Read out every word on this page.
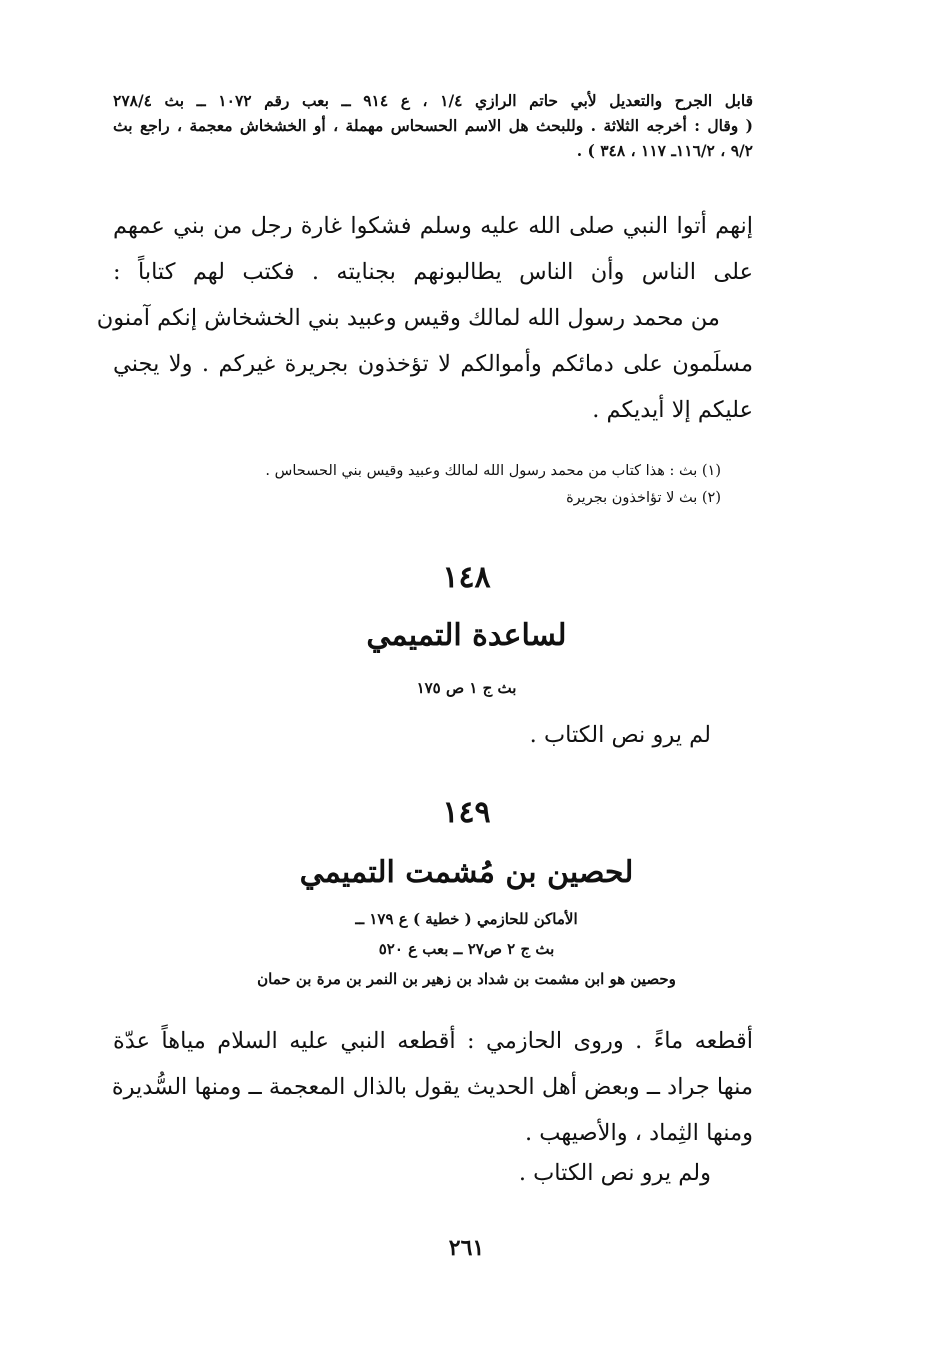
قابل الجرح والتعديل لأبي حاتم الرازي ١/٤ ، ع ٩١٤ ــ بعب رقم ١٠٧٢ ــ بث ٢٧٨/٤
( وقال : أخرجه الثلاثة . وللبحث هل الاسم الحسحاس مهملة ، أو الخشخاش معجمة ، راجع بث
٩/٢ ، ١١٦/٢ـ ١١٧ ، ٣٤٨ ) .
إنهم أتوا النبي صلى الله عليه وسلم فشكوا غارة رجل من بني عمهم
على الناس وأن الناس يطالبونهم بجنايته . فكتب لهم كتاباً :
من محمد رسول الله لمالك وقيس وعبيد بني الخشخاش إنكم آمنون
مسلَمون على دمائكم وأموالكم لا تؤخذون بجريرة غيركم . ولا يجني
عليكم إلا أيديكم .
(١) بث : هذا كتاب من محمد رسول الله لمالك وعبيد وقيس بني الحسحاس .
(٢) بث لا تؤاخذون بجريرة
١٤٨
لساعدة التميمي
بث ج ١ ص ١٧٥
لم يرو نص الكتاب .
١٤٩
لحصين بن مُشمت التميمي
الأماكن للحازمي ( خطية ) ع ١٧٩ ــ
بث ج ٢ ص٢٧ ــ بعب ع ٥٢٠
وحصين هو ابن مشمت بن شداد بن زهير بن النمر بن مرة بن حمان
أقطعه ماءً . وروى الحازمي : أقطعه النبي عليه السلام مياهاً عدّة
منها جراد ــ وبعض أهل الحديث يقول بالذال المعجمة ــ ومنها السُّديرة
ومنها الثِماد ، والأصيهب .
ولم يرو نص الكتاب .
٢٦١
